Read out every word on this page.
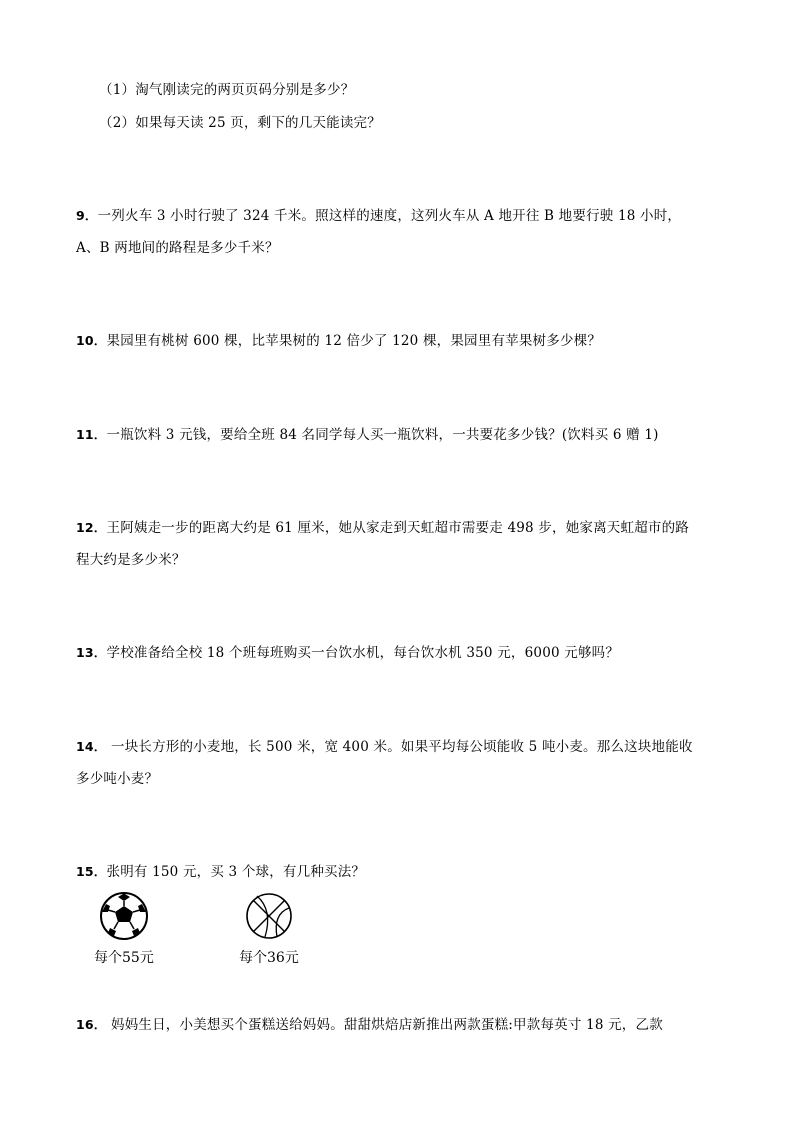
（1）淘气刚读完的两页页码分别是多少？
（2）如果每天读 25 页，剩下的几天能读完？
9．一列火车 3 小时行驶了 324 千米。照这样的速度，这列火车从 A 地开往 B 地要行驶 18 小时，
A、B 两地间的路程是多少千米？
10．果园里有桃树 600 棵，比苹果树的 12 倍少了 120 棵，果园里有苹果树多少棵？
11．一瓶饮料 3 元钱，要给全班 84 名同学每人买一瓶饮料，一共要花多少钱？(饮料买 6 赠 1)
12．王阿姨走一步的距离大约是 61 厘米，她从家走到天虹超市需要走 498 步，她家离天虹超市的路
程大约是多少米？
13．学校准备给全校 18 个班每班购买一台饮水机，每台饮水机 350 元，6000 元够吗？
14． 一块长方形的小麦地，长 500 米，宽 400 米。如果平均每公顷能收 5 吨小麦。那么这块地能收
多少吨小麦？
15．张明有 150 元，买 3 个球，有几种买法？
每个55元	每个36元
16． 妈妈生日，小美想买个蛋糕送给妈妈。甜甜烘焙店新推出两款蛋糕:甲款每英寸 18 元，乙款
